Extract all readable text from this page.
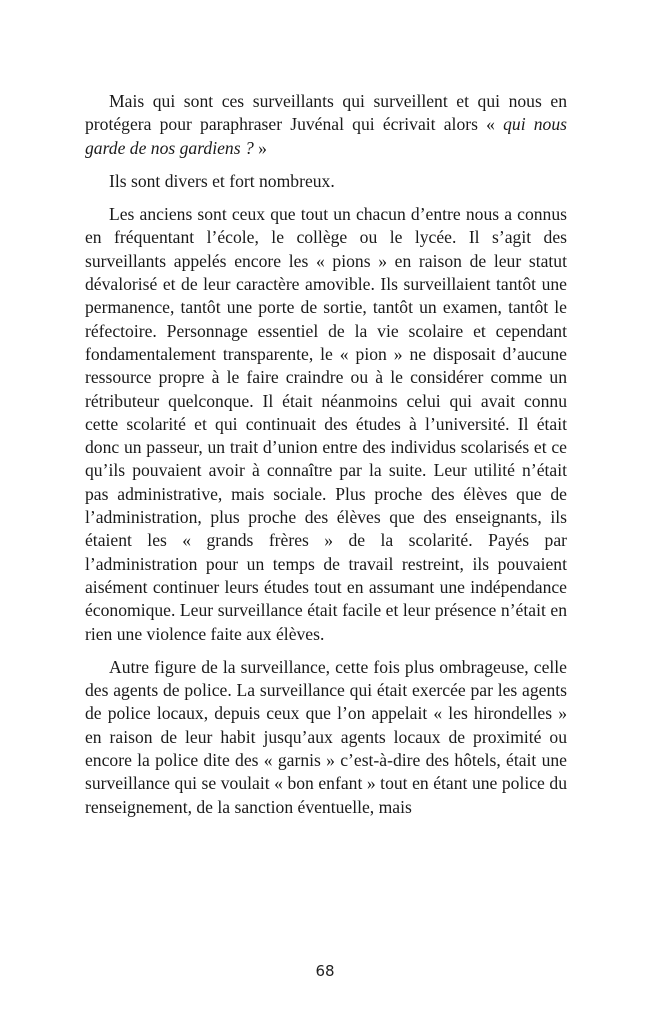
Mais qui sont ces surveillants qui surveillent et qui nous en protégera pour paraphraser Juvénal qui écrivait alors « qui nous garde de nos gardiens ? »

Ils sont divers et fort nombreux.

Les anciens sont ceux que tout un chacun d’entre nous a connus en fréquentant l’école, le collège ou le lycée. Il s’agit des surveillants appelés encore les « pions » en raison de leur statut dévalorisé et de leur caractère amovible. Ils surveillaient tantôt une permanence, tantôt une porte de sortie, tantôt un examen, tantôt le réfectoire. Personnage essentiel de la vie scolaire et cependant fondamentalement transparente, le « pion » ne disposait d’aucune ressource propre à le faire craindre ou à le considérer comme un rétributeur quelconque. Il était néanmoins celui qui avait connu cette scolarité et qui continuait des études à l’université. Il était donc un passeur, un trait d’union entre des individus scolarisés et ce qu’ils pouvaient avoir à connaître par la suite. Leur utilité n’était pas administrative, mais sociale. Plus proche des élèves que de l’administration, plus proche des élèves que des enseignants, ils étaient les « grands frères » de la scolarité. Payés par l’administration pour un temps de travail restreint, ils pouvaient aisément continuer leurs études tout en assumant une indépendance économique. Leur surveillance était facile et leur présence n’était en rien une violence faite aux élèves.

Autre figure de la surveillance, cette fois plus ombrageuse, celle des agents de police. La surveillance qui était exercée par les agents de police locaux, depuis ceux que l’on appelait « les hirondelles » en raison de leur habit jusqu’aux agents locaux de proximité ou encore la police dite des « garnis » c’est-à-dire des hôtels, était une surveillance qui se voulait « bon enfant » tout en étant une police du renseignement, de la sanction éventuelle, mais

68
